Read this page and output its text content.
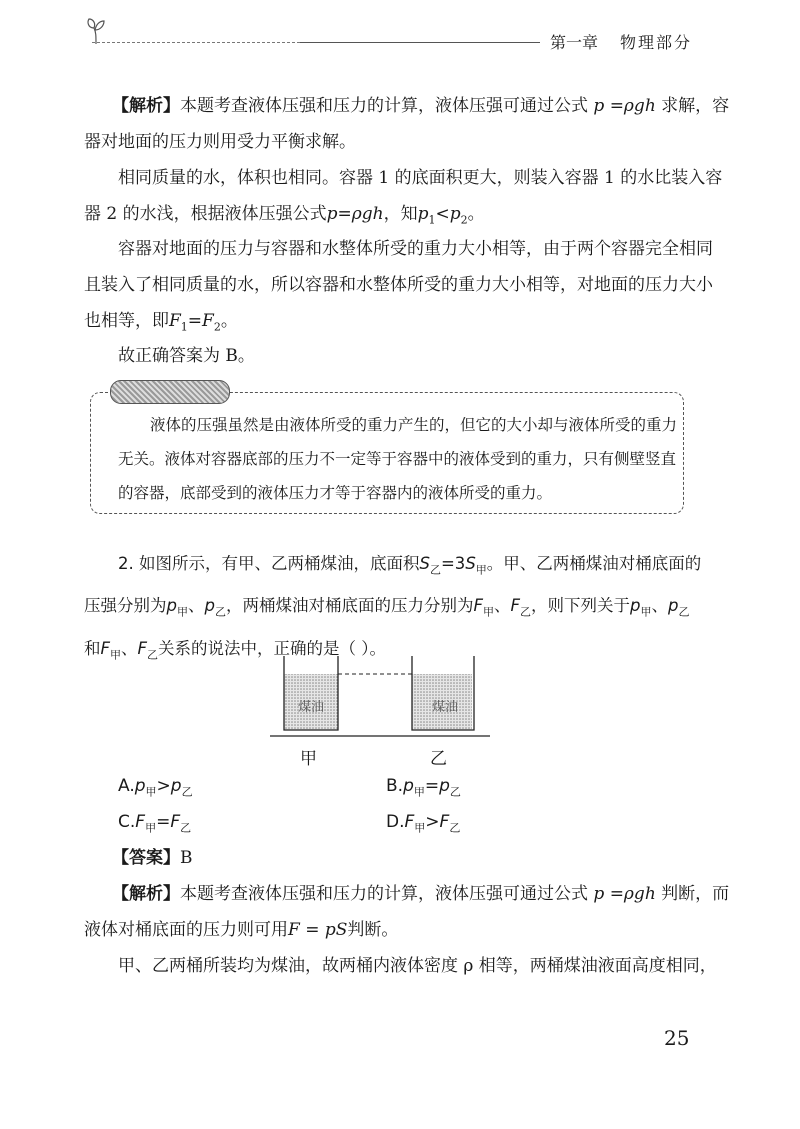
第一章 物理部分
【解析】本题考查液体压强和压力的计算，液体压强可通过公式 p =ρgh 求解，容
器对地面的压力则用受力平衡求解。
相同质量的水，体积也相同。容器 1 的底面积更大，则装入容器 1 的水比装入容
器 2 的水浅，根据液体压强公式p=ρgh，知$p_1<p_2$。
容器对地面的压力与容器和水整体所受的重力大小相等，由于两个容器完全相同
且装入了相同质量的水，所以容器和水整体所受的重力大小相等，对地面的压力大小
也相等，即$F_1=F_2$。
故正确答案为 B。
液体的压强虽然是由液体所受的重力产生的，但它的大小却与液体所受的重力
无关。液体对容器底部的压力不一定等于容器中的液体受到的重力，只有侧壁竖直
的容器，底部受到的液体压力才等于容器内的液体所受的重力。
2. 如图所示，有甲、乙两桶煤油，底面积$S_乙=3S_甲$。甲、乙两桶煤油对桶底面的
压强分别为$p_甲$、$p_乙$，两桶煤油对桶底面的压力分别为$F_甲$、$F_乙$，则下列关于$p_甲$、$p_乙$
和$F_甲$、$F_乙$关系的说法中，正确的是（ ）。
煤油	煤油
甲	乙
$A.p_甲>p_乙$	$B.p_甲=p_乙$
$C.F_甲=F_乙$	$D.F_甲>F_乙$
【答案】B
【解析】本题考查液体压强和压力的计算，液体压强可通过公式 p =ρgh 判断，而
液体对桶底面的压力则可用F = pS判断。
甲、乙两桶所装均为煤油，故两桶内液体密度 ρ 相等，两桶煤油液面高度相同，
25
